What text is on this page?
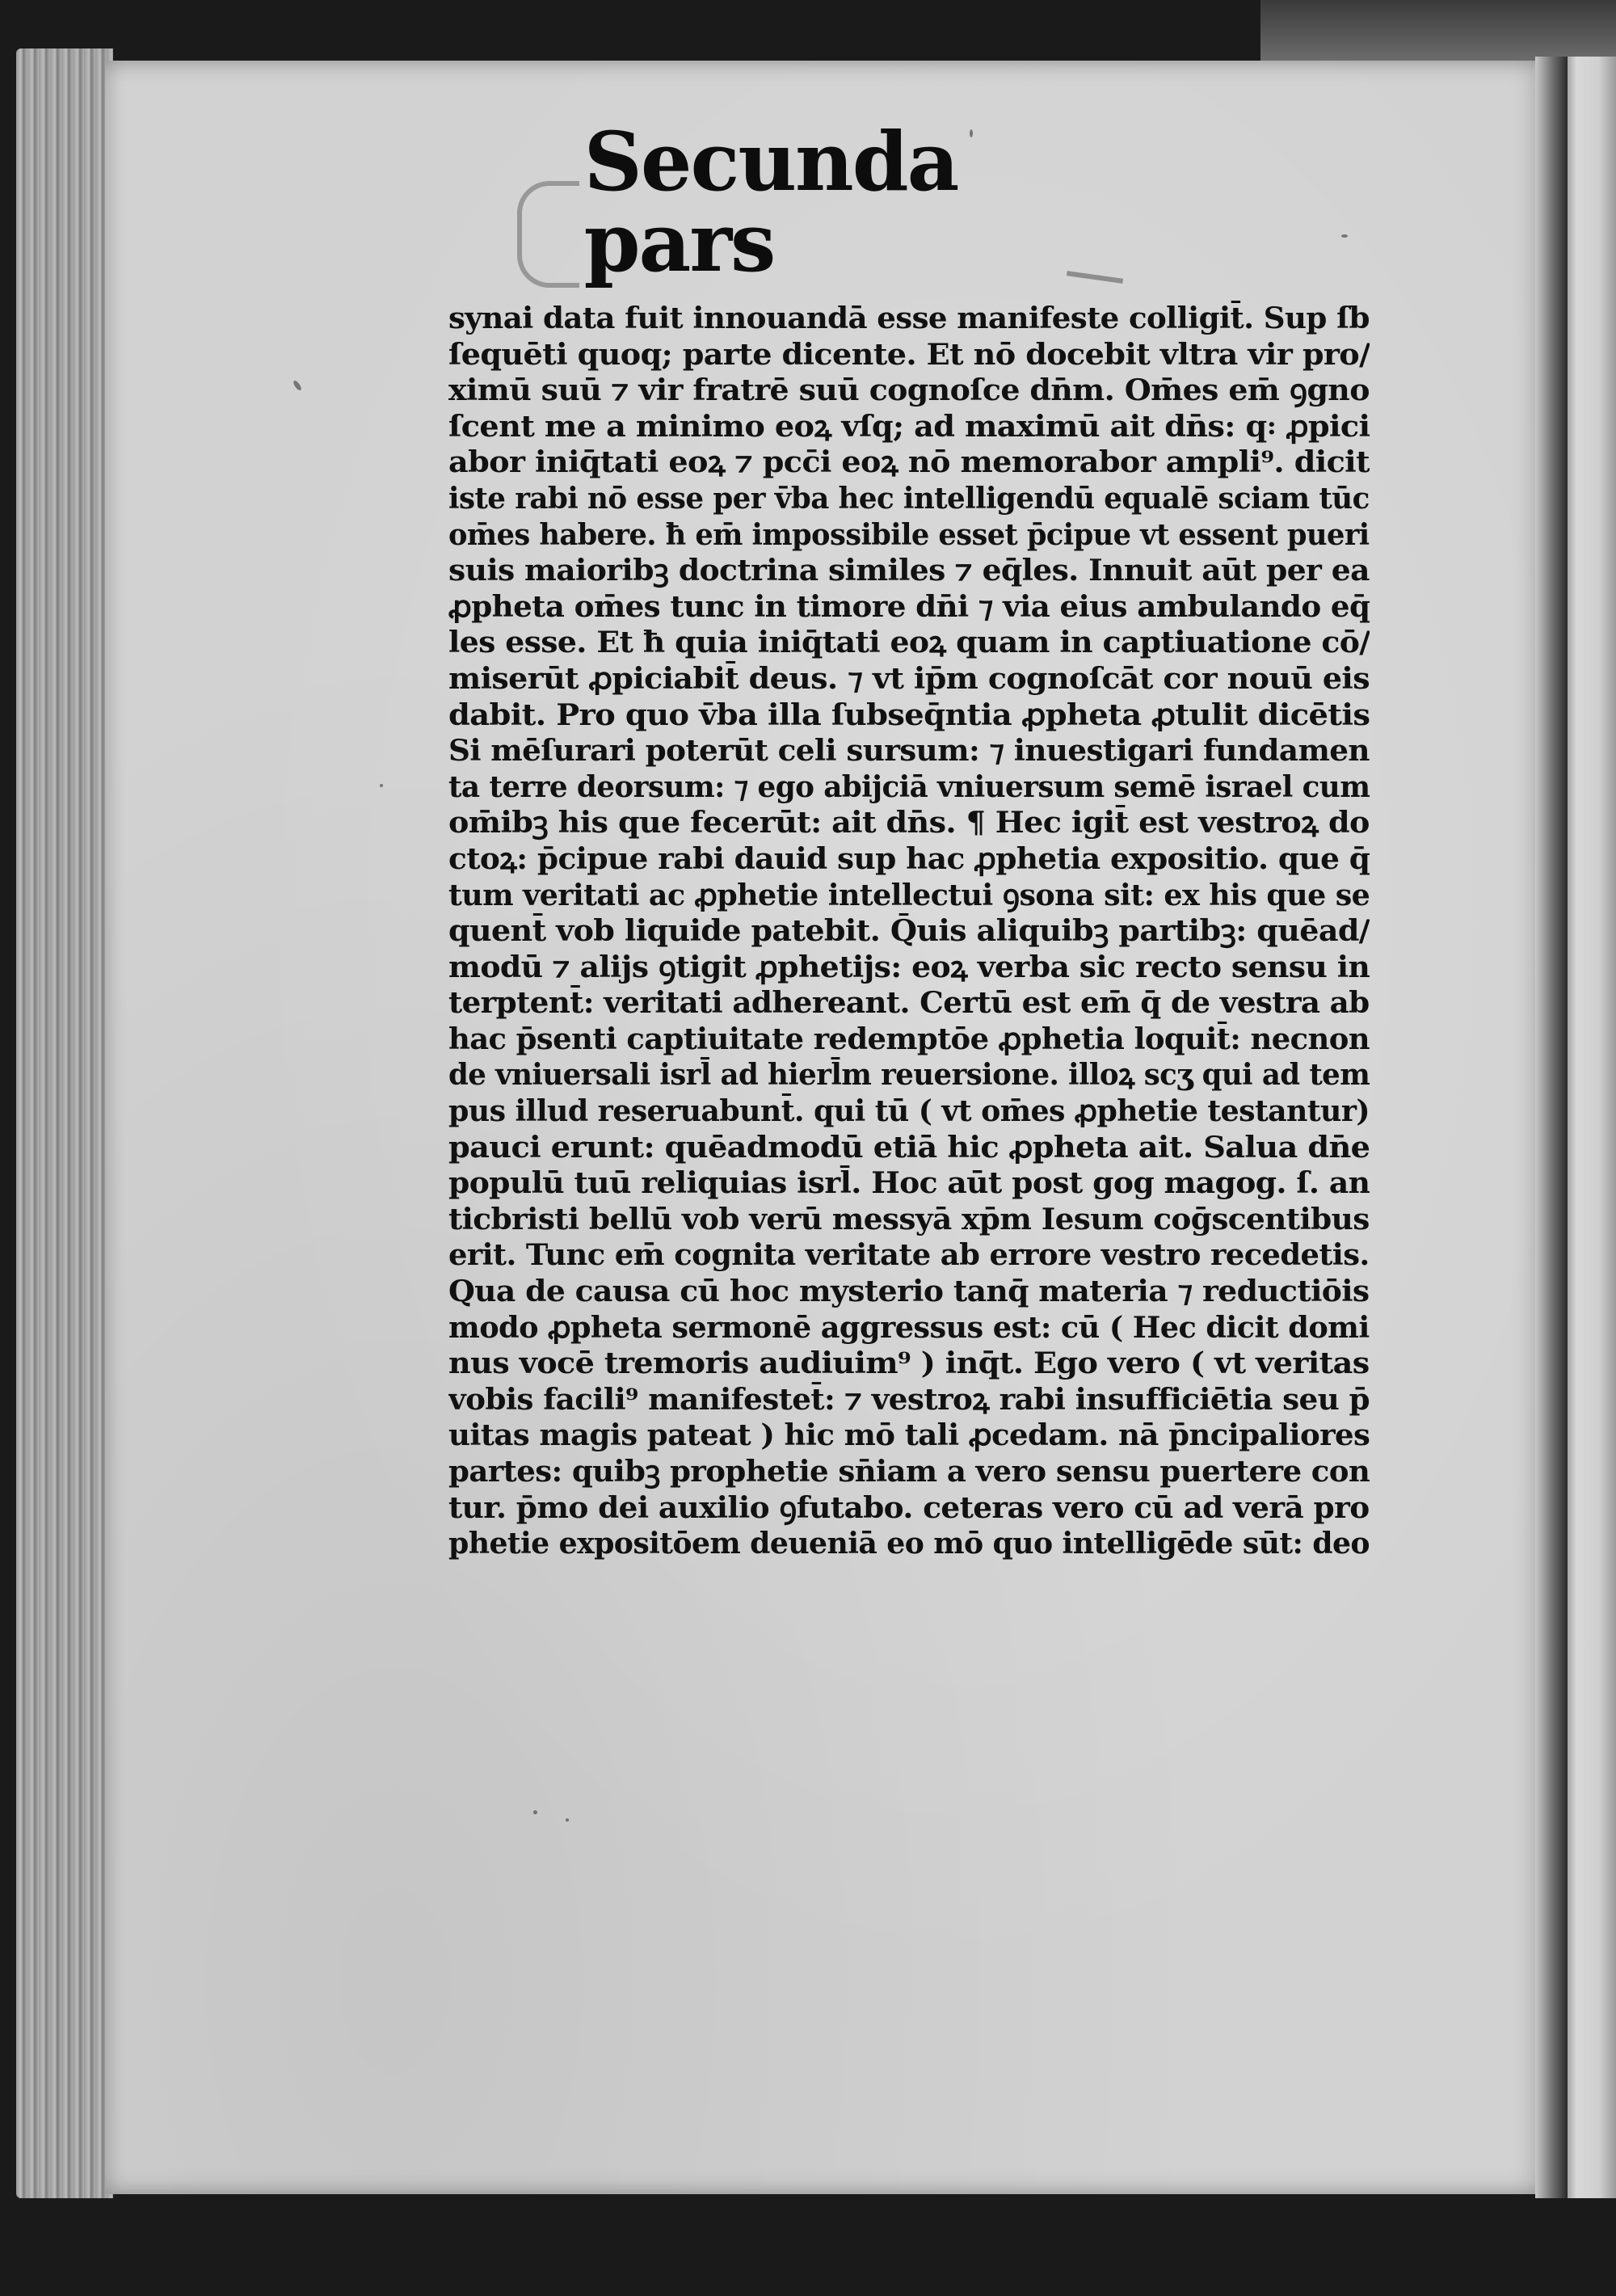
Secunda pars
synai data fuit innouandā esse manifeste colligit̄. Sup ſb
ſequēti quoq; parte dicente. Et nō docebit vltra vir pro/
ximū suū ⁊ vir fratrē suū cognoſce dn̄m. Om̄es em̄ ꝯgno
ſcent me a minimo eoꝝ vſq; ad maximū ait dn̄s: q꞉ ꝓpici
abor iniq̄tati eoꝝ ⁊ pcc̄i eoꝝ nō memorabor ampli⁹. dicit
iste rabi nō esse per v̄ba hec intelligendū equalē sciam tūc
om̄es habere. ħ em̄ impossibile esset p̄cipue vt essent pueri
suis maioribꝫ doctrina similes ⁊ eq̄les. Innuit aūt per ea
ꝓpheta om̄es tunc in timore dn̄i ⁊ via eius ambulando eq̄
les esse. Et ħ quia iniq̄tati eoꝝ quam in captiuatione cō/
miserūt ꝓpiciabit̄ deus. ⁊ vt ip̄m cognoſcāt cor nouū eis
dabit. Pro quo v̄ba illa ſubseq̄ntia ꝓpheta ꝓtulit dicētis
Si mēſurari poterūt celi sursum: ⁊ inuestigari fundamen
ta terre deorsum: ⁊ ego abijciā vniuersum semē israel cum
om̄ibꝫ his que fecerūt: ait dn̄s. ¶ Hec igit̄ est vestroꝝ do
ctoꝝ: p̄cipue rabi dauid sup hac ꝓphetia expositio. que q̄
tum veritati ac ꝓphetie intellectui ꝯsona sit: ex his que se
quent̄ vob liquide patebit. Q̄uis aliquibꝫ partibꝫ: quēad/
modū ⁊ alijs ꝯtigit ꝓphetijs: eoꝝ verba sic recto sensu in
terptent̄: veritati adhereant. Certū est em̄ q̄ de vestra ab
hac p̄senti captiuitate redemptōe ꝓphetia loquit̄: necnon
de vniuersali isrl̄ ad hierl̄m reuersione. illoꝝ scʒ qui ad tem
pus illud reseruabunt̄. qui tū ( vt om̄es ꝓphetie testantur)
pauci erunt: quēadmodū etiā hic ꝓpheta ait. Salua dn̄e
populū tuū reliquias isrl̄. Hoc aūt post gog magog. ſ. an
ticbristi bellū vob verū messyā xp̄m Iesum coḡscentibus
erit. Tunc em̄ cognita veritate ab errore vestro recedetis.
Qua de causa cū hoc mysterio tanq̄ materia ⁊ reductiōis
modo ꝓpheta sermonē aggressus est: cū ( Hec dicit domi
nus vocē tremoris audiuim⁹ ) inq̄t. Ego vero ( vt veritas
vobis facili⁹ manifestet̄: ⁊ vestroꝝ rabi insufficiētia seu p̄
uitas magis pateat ) hic mō tali ꝓcedam. nā p̄ncipaliores
partes: quibꝫ prophetie sn̄iam a vero sensu puertere con
tur. p̄mo dei auxilio ꝯfutabo. ceteras vero cū ad verā pro
phetie expositōem deueniā eo mō quo intelligēde sūt: deo
